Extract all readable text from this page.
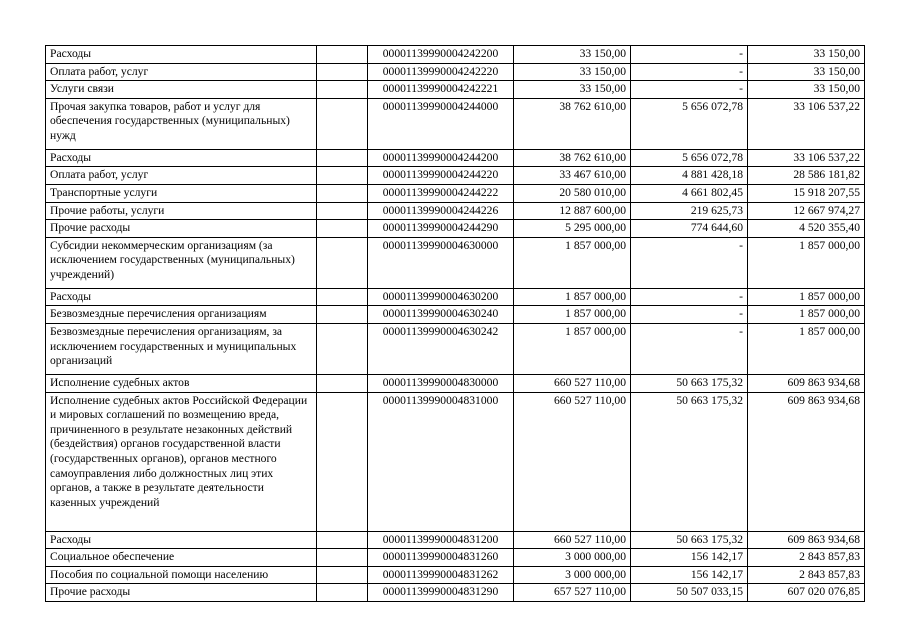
Расходы		00001139990004242200	33 150,00	-	33 150,00
Оплата работ, услуг		00001139990004242220	33 150,00	-	33 150,00
Услуги связи		00001139990004242221	33 150,00	-	33 150,00
Прочая закупка товаров, работ и услуг для обеспечения государственных (муниципальных) нужд		00001139990004244000	38 762 610,00	5 656 072,78	33 106 537,22
Расходы		00001139990004244200	38 762 610,00	5 656 072,78	33 106 537,22
Оплата работ, услуг		00001139990004244220	33 467 610,00	4 881 428,18	28 586 181,82
Транспортные услуги		00001139990004244222	20 580 010,00	4 661 802,45	15 918 207,55
Прочие работы, услуги		00001139990004244226	12 887 600,00	219 625,73	12 667 974,27
Прочие расходы		00001139990004244290	5 295 000,00	774 644,60	4 520 355,40
Субсидии некоммерческим организациям (за исключением государственных (муниципальных) учреждений)		00001139990004630000	1 857 000,00	-	1 857 000,00
Расходы		00001139990004630200	1 857 000,00	-	1 857 000,00
Безвозмездные перечисления организациям		00001139990004630240	1 857 000,00	-	1 857 000,00
Безвозмездные перечисления организациям, за исключением государственных и муниципальных организаций		00001139990004630242	1 857 000,00	-	1 857 000,00
Исполнение судебных актов		00001139990004830000	660 527 110,00	50 663 175,32	609 863 934,68
Исполнение судебных актов Российской Федерации и мировых соглашений по возмещению вреда, причиненного в результате незаконных действий (бездействия) органов государственной власти (государственных органов), органов местного самоуправления либо должностных лиц этих органов, а также в результате деятельности казенных учреждений		00001139990004831000	660 527 110,00	50 663 175,32	609 863 934,68
Расходы		00001139990004831200	660 527 110,00	50 663 175,32	609 863 934,68
Социальное обеспечение		00001139990004831260	3 000 000,00	156 142,17	2 843 857,83
Пособия по социальной помощи населению		00001139990004831262	3 000 000,00	156 142,17	2 843 857,83
Прочие расходы		00001139990004831290	657 527 110,00	50 507 033,15	607 020 076,85
